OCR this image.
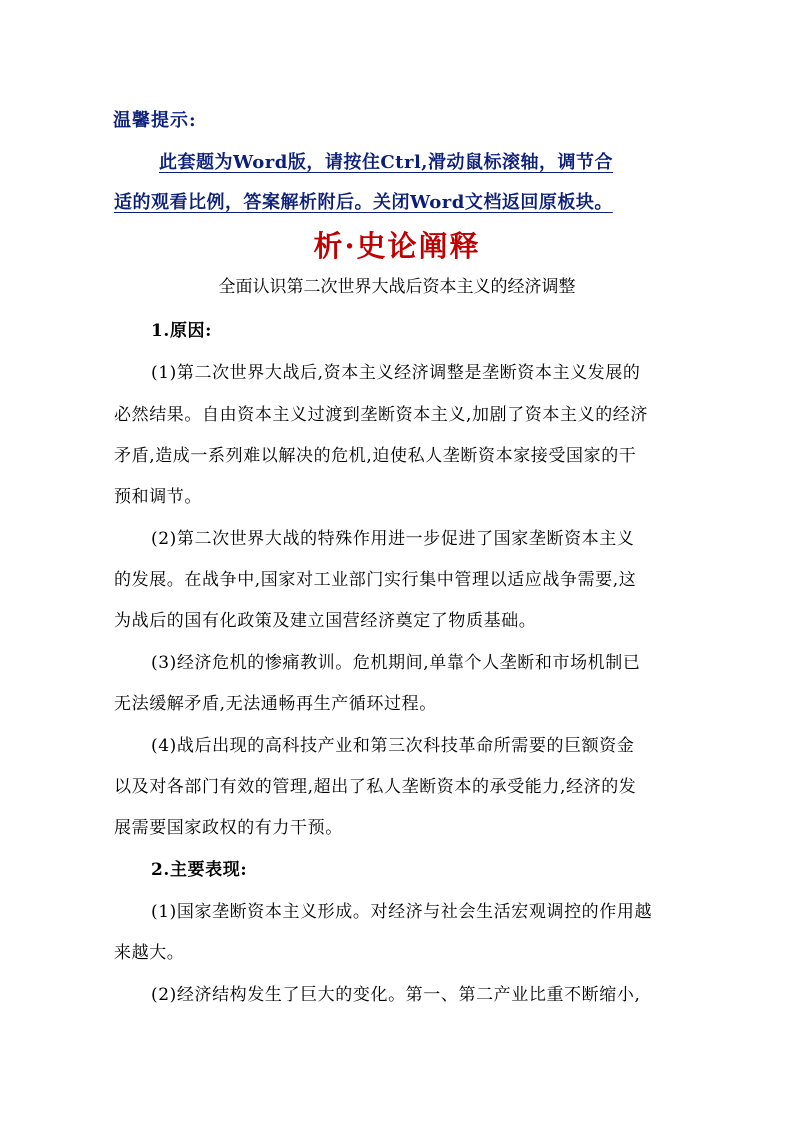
温馨提示:
此套题为Word版，请按住Ctrl,滑动鼠标滚轴，调节合
适的观看比例，答案解析附后。关闭Word文档返回原板块。
析·史论阐释
全面认识第二次世界大战后资本主义的经济调整
1.原因:
(1)第二次世界大战后,资本主义经济调整是垄断资本主义发展的
必然结果。自由资本主义过渡到垄断资本主义,加剧了资本主义的经济
矛盾,造成一系列难以解决的危机,迫使私人垄断资本家接受国家的干
预和调节。
(2)第二次世界大战的特殊作用进一步促进了国家垄断资本主义
的发展。在战争中,国家对工业部门实行集中管理以适应战争需要,这
为战后的国有化政策及建立国营经济奠定了物质基础。
(3)经济危机的惨痛教训。危机期间,单靠个人垄断和市场机制已
无法缓解矛盾,无法通畅再生产循环过程。
(4)战后出现的高科技产业和第三次科技革命所需要的巨额资金
以及对各部门有效的管理,超出了私人垄断资本的承受能力,经济的发
展需要国家政权的有力干预。
2.主要表现:
(1)国家垄断资本主义形成。对经济与社会生活宏观调控的作用越
来越大。
(2)经济结构发生了巨大的变化。第一、第二产业比重不断缩小,
